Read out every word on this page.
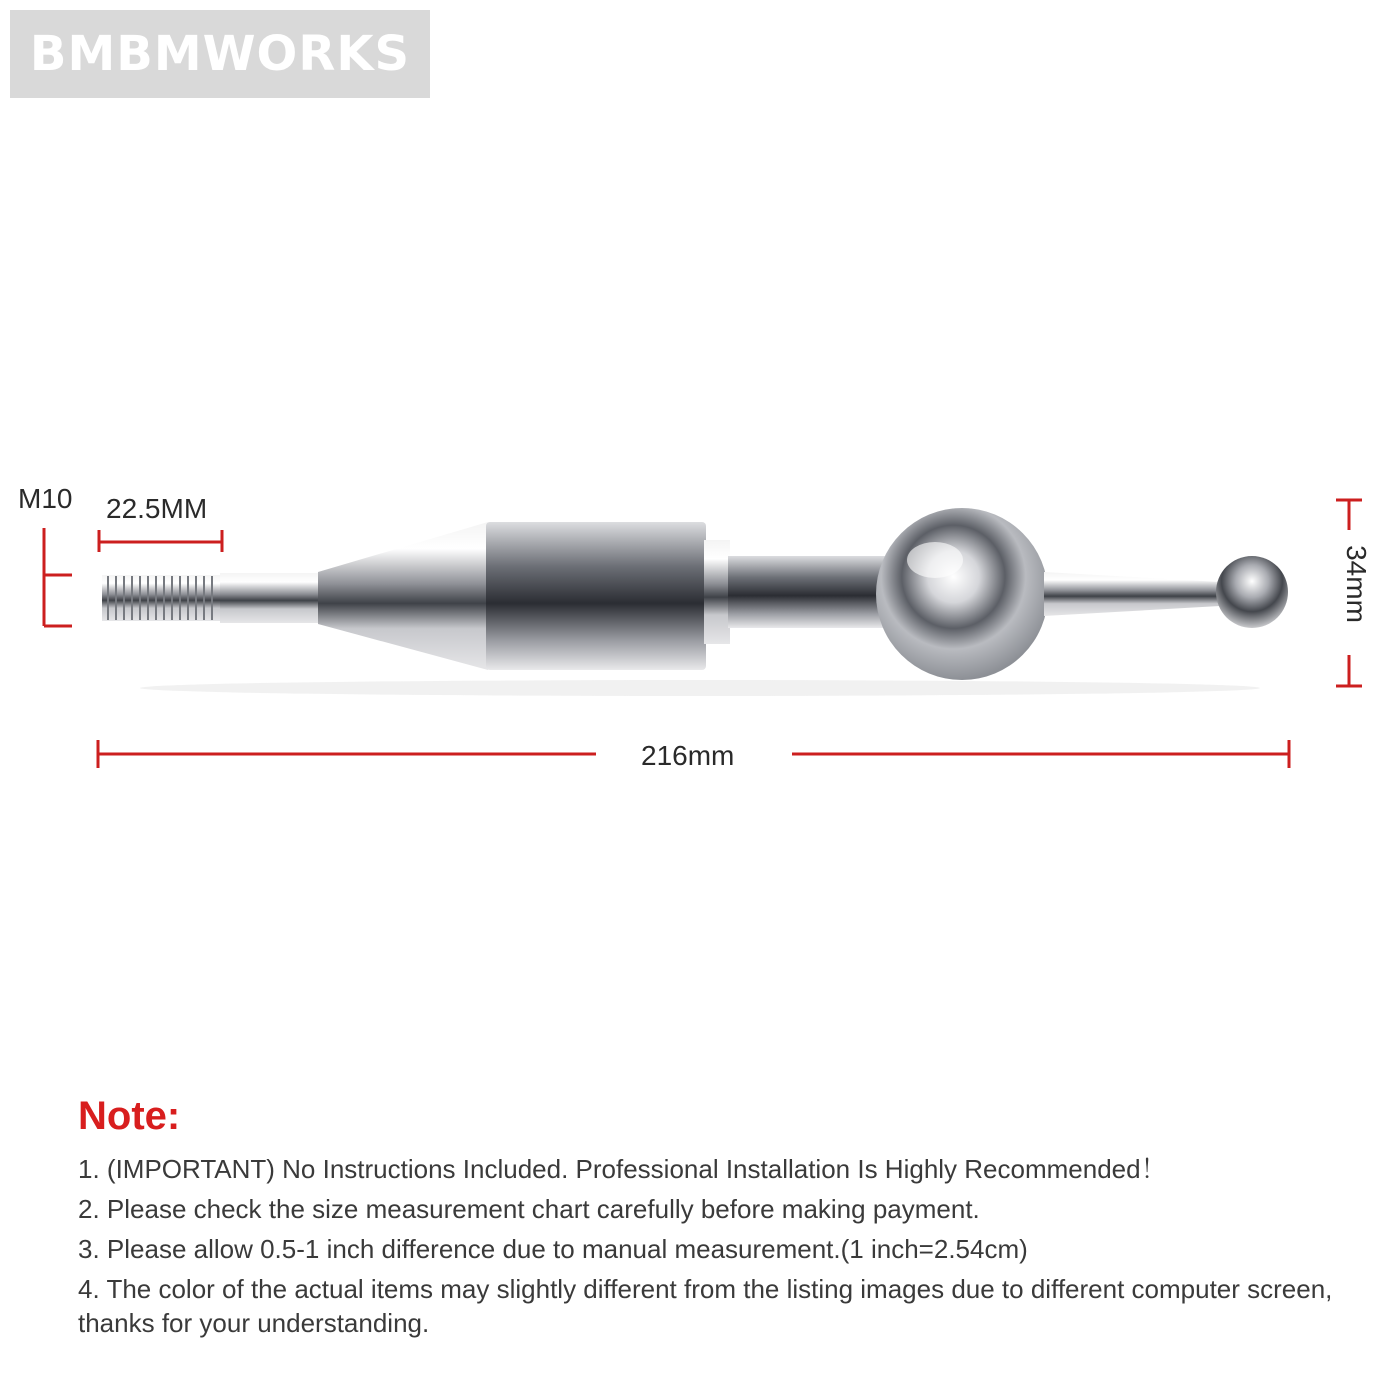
BMBMWORKS
M10 22.5MM
216mm
34mm
Note:
1. (IMPORTANT) No Instructions Included. Professional Installation Is Highly Recommended！
2. Please check the size measurement chart carefully before making payment.
3. Please allow 0.5-1 inch difference due to manual measurement.(1 inch=2.54cm)
4. The color of the actual items may slightly different from the listing images due to different computer screen, thanks for your understanding.
